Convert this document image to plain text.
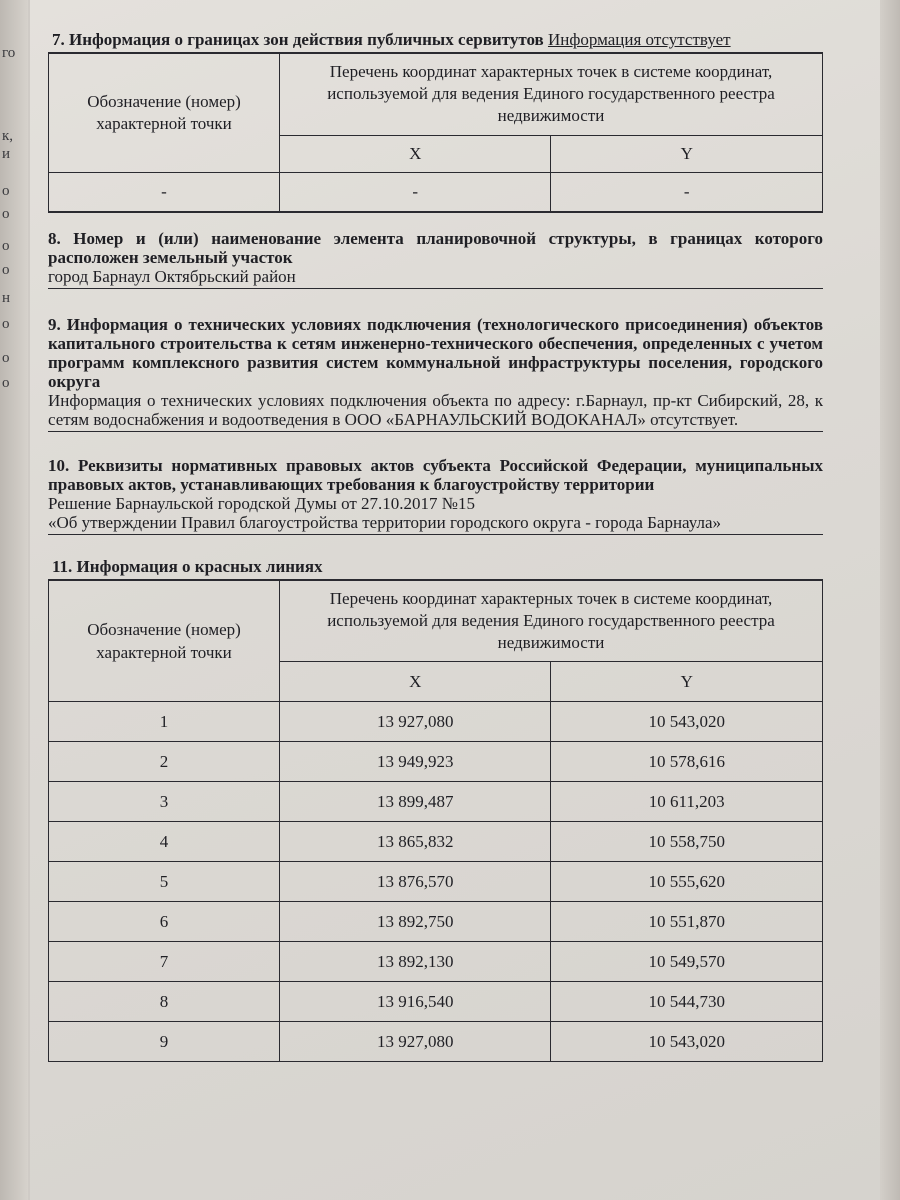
го
к,
и
о
о
о
о
о
н
о
о
7. Информация о границах зон действия публичных сервитутов Информация отсутствует
Обозначение (номер) характерной точки	Перечень координат характерных точек в системе координат, используемой для ведения Единого государственного реестра недвижимости	
	X	Y
-	-	-

8. Номер и (или) наименование элемента планировочной структуры, в границах которого расположен земельный участок

город Барнаул Октябрьский район

9. Информация о технических условиях подключения (технологического присоединения) объектов капитального строительства к сетям инженерно-технического обеспечения, определенных с учетом программ комплексного развития систем коммунальной инфраструктуры поселения, городского округа

Информация о технических условиях подключения объекта по адресу: г.Барнаул, пр-кт Сибирский, 28, к сетям водоснабжения и водоотведения в ООО «БАРНАУЛЬСКИЙ ВОДОКАНАЛ» отсутствует.

10. Реквизиты нормативных правовых актов субъекта Российской Федерации, муниципальных правовых актов, устанавливающих требования к благоустройству территории

Решение Барнаульской городской Думы от 27.10.2017 №15

«Об утверждении Правил благоустройства территории городского округа - города Барнаула»

11. Информация о красных линиях
Обозначение (номер) характерной точки	Перечень координат характерных точек в системе координат, используемой для ведения Единого государственного реестра недвижимости	
	X	Y
1	13 927,080	10 543,020
2	13 949,923	10 578,616
3	13 899,487	10 611,203
4	13 865,832	10 558,750
5	13 876,570	10 555,620
6	13 892,750	10 551,870
7	13 892,130	10 549,570
8	13 916,540	10 544,730
9	13 927,080	10 543,020
